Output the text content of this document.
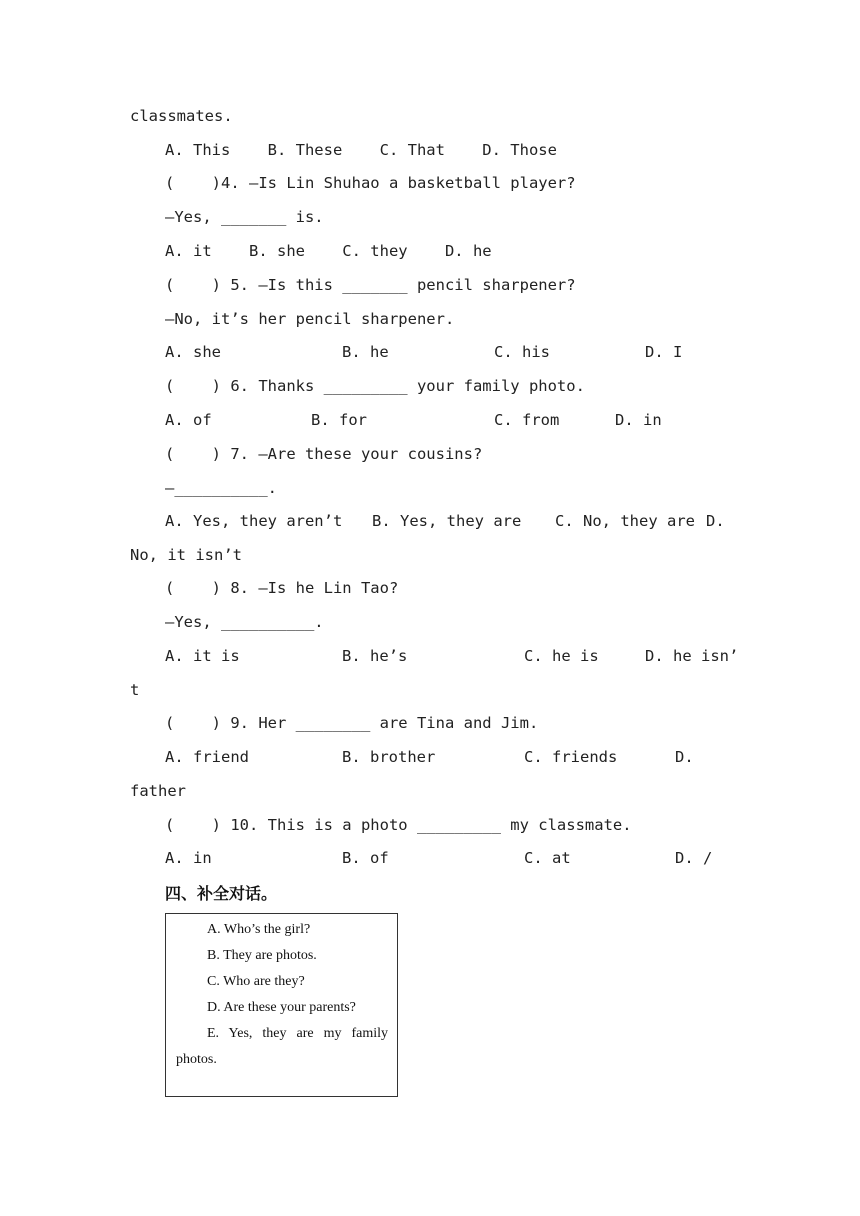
classmates.
A. This    B. These    C. That    D. Those
(    )4. —Is Lin Shuhao a basketball player?
—Yes, _______ is.
A. it    B. she    C. they    D. he
(    ) 5. —Is this _______ pencil sharpener?
—No, it’s her pencil sharpener.
A. she	B. he	C. his	D. I
(    ) 6. Thanks _________ your family photo.
A. of	B. for	C. from	D. in
(    ) 7. —Are these your cousins?
—__________.
A. Yes, they aren’t B. Yes, they are C. No, they are D.
No, it isn’t
(    ) 8. —Is he Lin Tao?
—Yes, __________.
A. it is	B. he’s	C. he is	D. he isn’
t
(    ) 9. Her ________ are Tina and Jim.
A. friend	B. brother	C. friends	D.
father
(    ) 10. This is a photo _________ my classmate.
A. in	B. of	C. at	D. /
四、补全对话。
A. Who’s the girl?
B. They are photos.
C. Who are they?
D. Are these your parents?
E. Yes, they are my family
photos.
